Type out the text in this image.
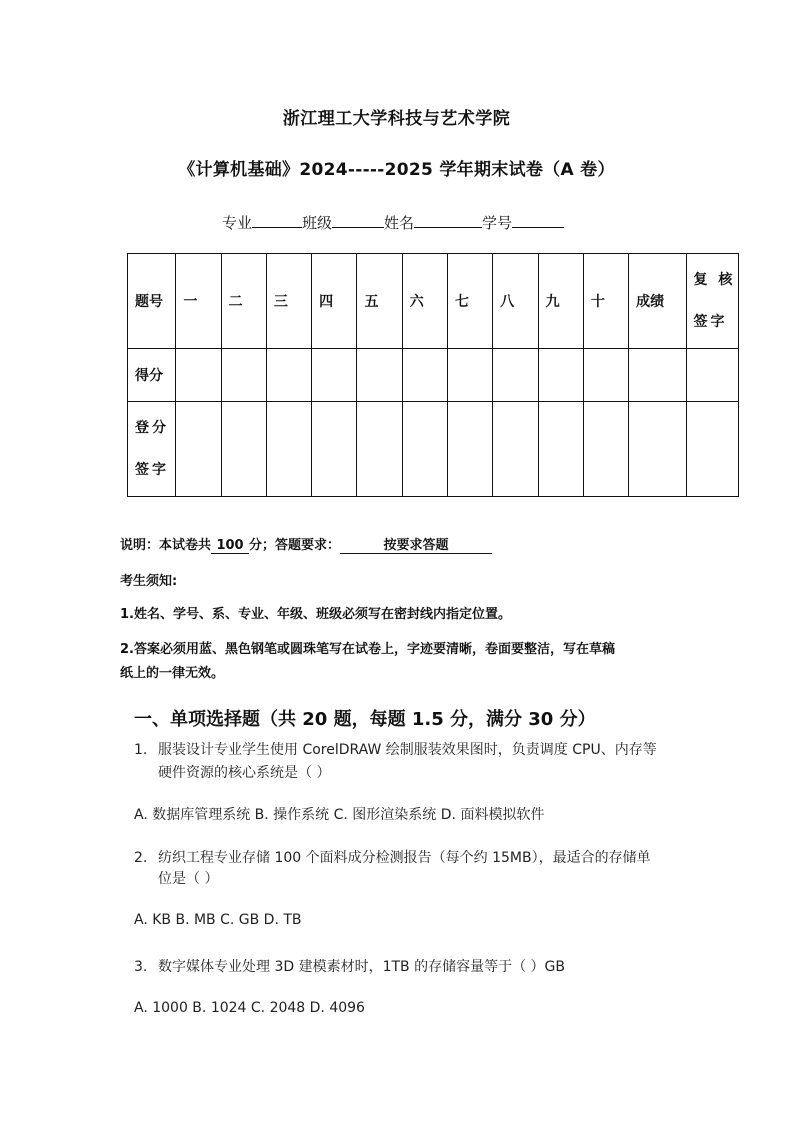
浙江理工大学科技与艺术学院
《计算机基础》2024-----2025 学年期末试卷（A 卷）
专业	班级	姓名	学号
题号	一	二	三	四	五	六	七	八	九	十	成绩	复 核
签字

得分												

登分
签字												

说明：本试卷共 100 分；答题要求：	按要求答题
考生须知:
1.姓名、学号、系、专业、年级、班级必须写在密封线内指定位置。
2.答案必须用蓝、黑色钢笔或圆珠笔写在试卷上，字迹要清晰，卷面要整洁，写在草稿
纸上的一律无效。
一、单项选择题（共 20 题，每题 1.5 分，满分 30 分）
1. 服装设计专业学生使用 CorelDRAW 绘制服装效果图时，负责调度 CPU、内存等
硬件资源的核心系统是（ ）
A. 数据库管理系统 B. 操作系统 C. 图形渲染系统 D. 面料模拟软件
2. 纺织工程专业存储 100 个面料成分检测报告（每个约 15MB），最适合的存储单
位是（ ）
A. KB B. MB C. GB D. TB
3. 数字媒体专业处理 3D 建模素材时，1TB 的存储容量等于（ ）GB
A. 1000 B. 1024 C. 2048 D. 4096
